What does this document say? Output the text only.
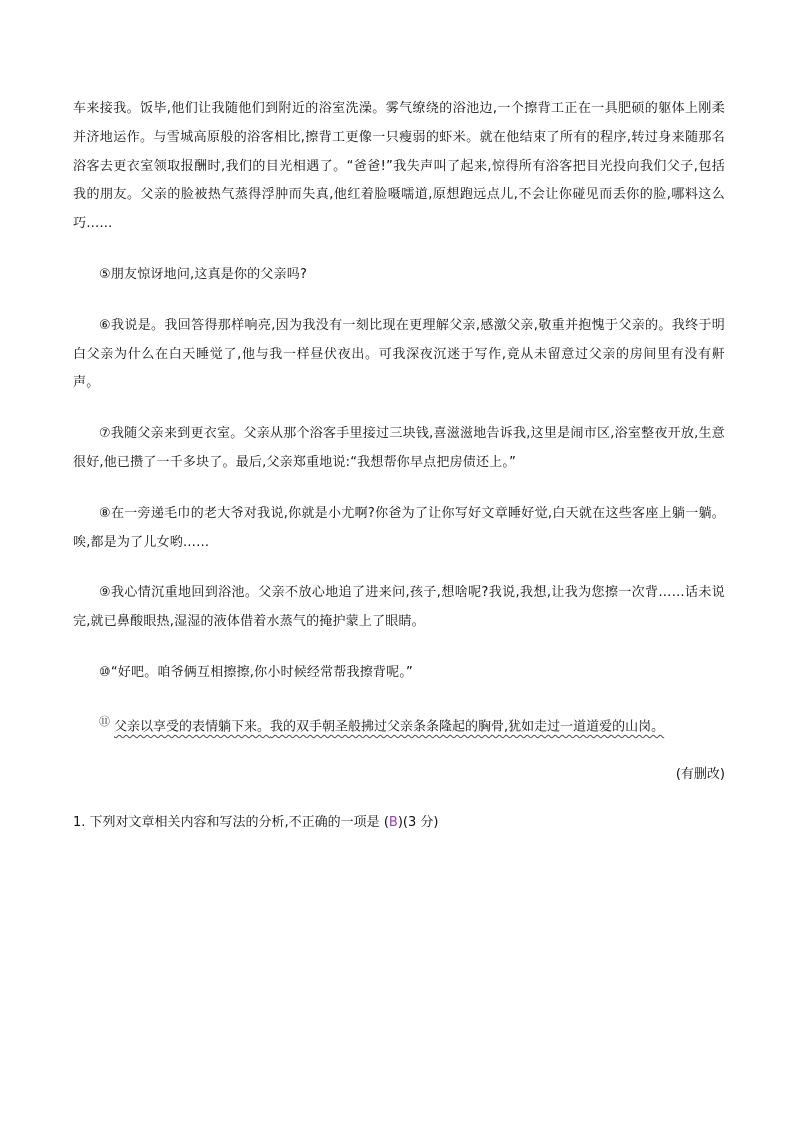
车来接我。饭毕,他们让我随他们到附近的浴室洗澡。雾气缭绕的浴池边,一个擦背工正在一具肥硕的躯体上刚柔并济地运作。与雪城高原般的浴客相比,擦背工更像一只瘦弱的虾米。就在他结束了所有的程序,转过身来随那名浴客去更衣室领取报酬时,我们的目光相遇了。“爸爸!”我失声叫了起来,惊得所有浴客把目光投向我们父子,包括我的朋友。父亲的脸被热气蒸得浮肿而失真,他红着脸嗫嚅道,原想跑远点儿,不会让你碰见而丢你的脸,哪料这么巧……

⑤朋友惊讶地问,这真是你的父亲吗?

⑥我说是。我回答得那样响亮,因为我没有一刻比现在更理解父亲,感激父亲,敬重并抱愧于父亲的。我终于明白父亲为什么在白天睡觉了,他与我一样昼伏夜出。可我深夜沉迷于写作,竟从未留意过父亲的房间里有没有鼾声。

⑦我随父亲来到更衣室。父亲从那个浴客手里接过三块钱,喜滋滋地告诉我,这里是闹市区,浴室整夜开放,生意很好,他已攒了一千多块了。最后,父亲郑重地说:“我想帮你早点把房债还上。”

⑧在一旁递毛巾的老大爷对我说,你就是小尤啊?你爸为了让你写好文章睡好觉,白天就在这些客座上躺一躺。唉,都是为了儿女哟……

⑨我心情沉重地回到浴池。父亲不放心地追了进来问,孩子,想啥呢?我说,我想,让我为您擦一次背……话未说完,就已鼻酸眼热,湿湿的液体借着水蒸气的掩护蒙上了眼睛。

⑩“好吧。咱爷俩互相擦擦,你小时候经常帮我擦背呢。”

⑪ 父亲以享受的表情躺下来。我的双手朝圣般拂过父亲条条隆起的胸骨,犹如走过一道道爱的山岗。

(有删改)

1. 下列对文章相关内容和写法的分析,不正确的一项是 (B)(3 分)
